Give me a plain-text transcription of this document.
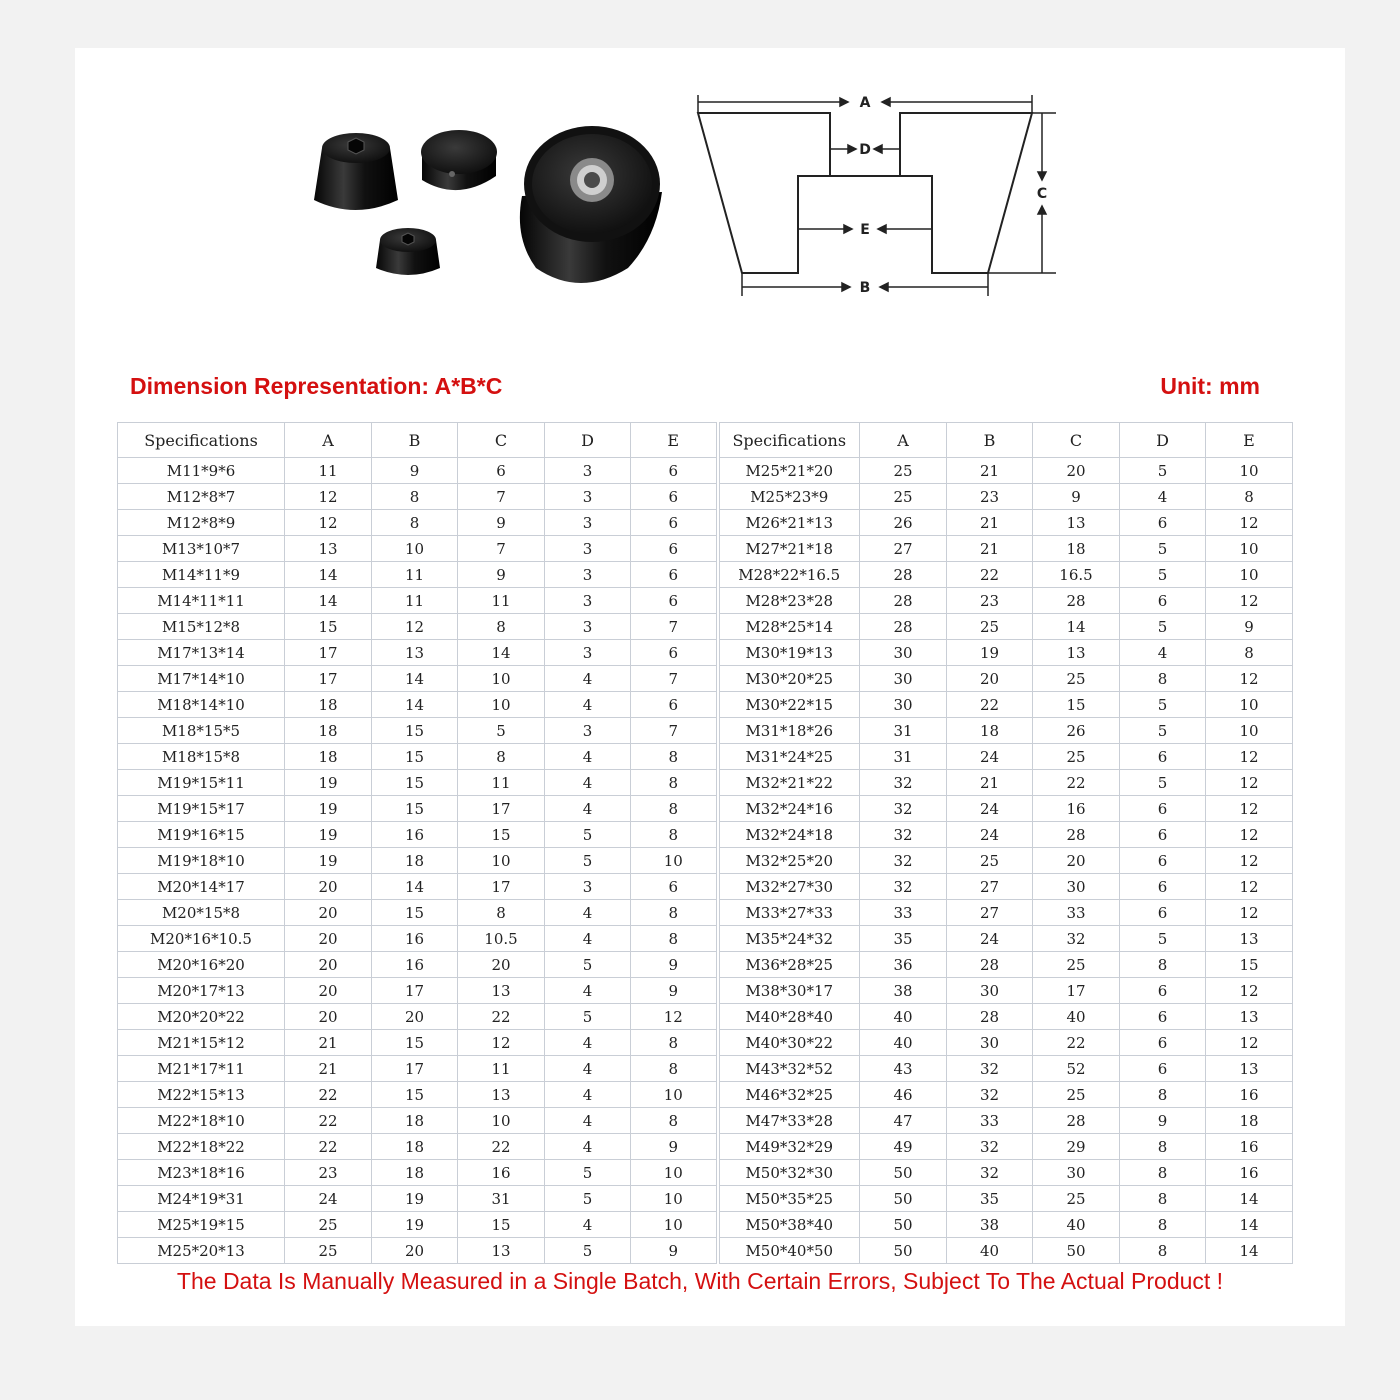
A
D
C
E
B
Dimension Representation: A*B*C	Unit: mm
Specifications	A	B	C	D	E	Specifications	A	B	C	D	E
M11*9*6	11	9	6	3	6	M25*21*20	25	21	20	5	10
M12*8*7	12	8	7	3	6	M25*23*9	25	23	9	4	8
M12*8*9	12	8	9	3	6	M26*21*13	26	21	13	6	12
M13*10*7	13	10	7	3	6	M27*21*18	27	21	18	5	10
M14*11*9	14	11	9	3	6	M28*22*16.5	28	22	16.5	5	10
M14*11*11	14	11	11	3	6	M28*23*28	28	23	28	6	12
M15*12*8	15	12	8	3	7	M28*25*14	28	25	14	5	9
M17*13*14	17	13	14	3	6	M30*19*13	30	19	13	4	8
M17*14*10	17	14	10	4	7	M30*20*25	30	20	25	8	12
M18*14*10	18	14	10	4	6	M30*22*15	30	22	15	5	10
M18*15*5	18	15	5	3	7	M31*18*26	31	18	26	5	10
M18*15*8	18	15	8	4	8	M31*24*25	31	24	25	6	12
M19*15*11	19	15	11	4	8	M32*21*22	32	21	22	5	12
M19*15*17	19	15	17	4	8	M32*24*16	32	24	16	6	12
M19*16*15	19	16	15	5	8	M32*24*18	32	24	28	6	12
M19*18*10	19	18	10	5	10	M32*25*20	32	25	20	6	12
M20*14*17	20	14	17	3	6	M32*27*30	32	27	30	6	12
M20*15*8	20	15	8	4	8	M33*27*33	33	27	33	6	12
M20*16*10.5	20	16	10.5	4	8	M35*24*32	35	24	32	5	13
M20*16*20	20	16	20	5	9	M36*28*25	36	28	25	8	15
M20*17*13	20	17	13	4	9	M38*30*17	38	30	17	6	12
M20*20*22	20	20	22	5	12	M40*28*40	40	28	40	6	13
M21*15*12	21	15	12	4	8	M40*30*22	40	30	22	6	12
M21*17*11	21	17	11	4	8	M43*32*52	43	32	52	6	13
M22*15*13	22	15	13	4	10	M46*32*25	46	32	25	8	16
M22*18*10	22	18	10	4	8	M47*33*28	47	33	28	9	18
M22*18*22	22	18	22	4	9	M49*32*29	49	32	29	8	16
M23*18*16	23	18	16	5	10	M50*32*30	50	32	30	8	16
M24*19*31	24	19	31	5	10	M50*35*25	50	35	25	8	14
M25*19*15	25	19	15	4	10	M50*38*40	50	38	40	8	14
M25*20*13	25	20	13	5	9	M50*40*50	50	40	50	8	14
The Data Is Manually Measured in a Single Batch, With Certain Errors, Subject To The Actual Product !
